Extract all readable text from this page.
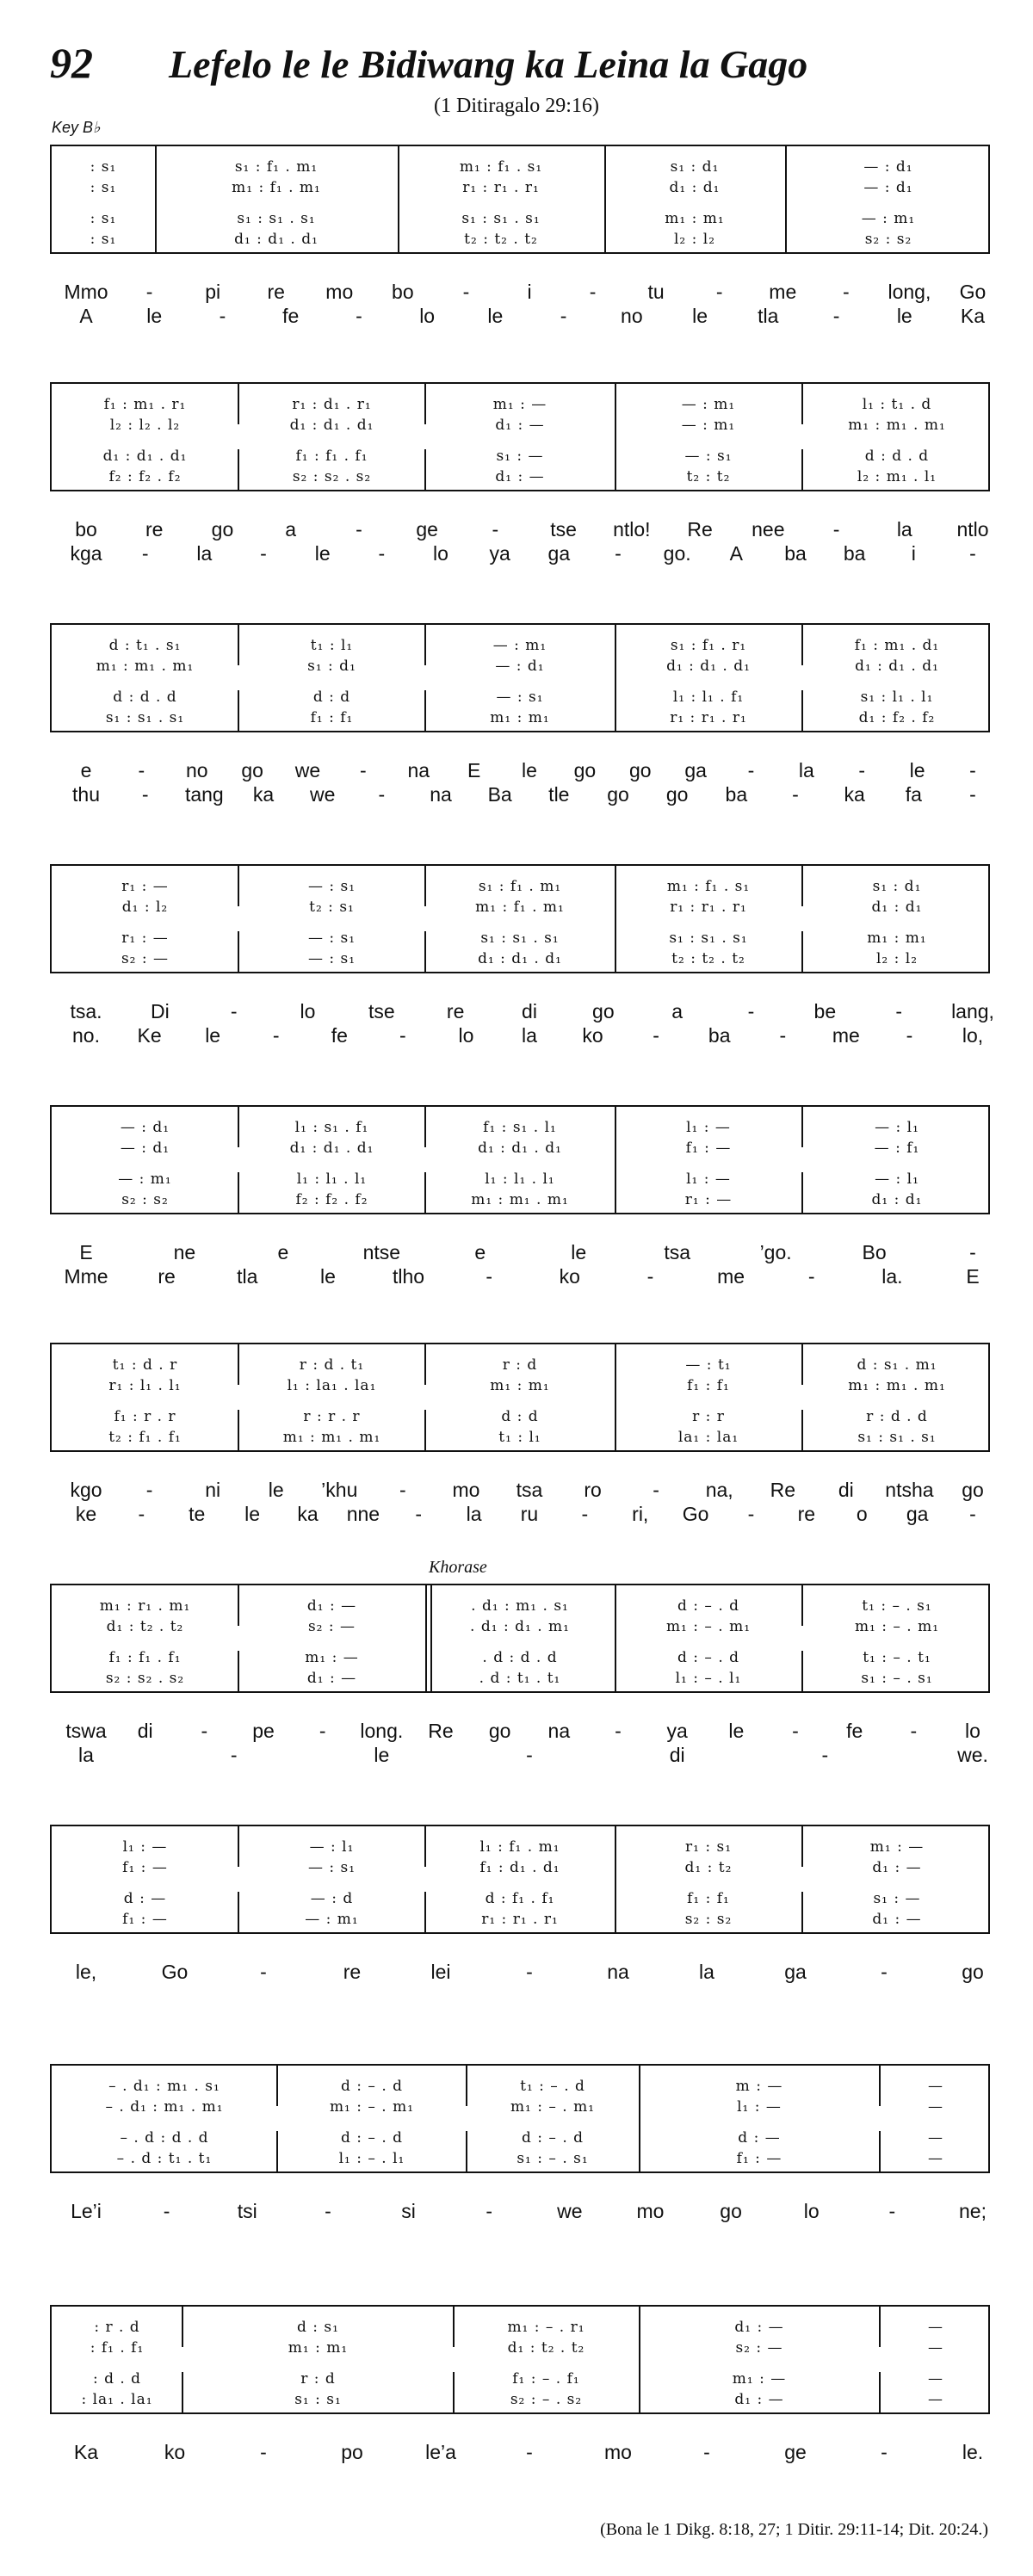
92 Lefelo le le Bidiwang ka Leina la Gago
(1 Ditiragalo 29:16)
Key B♭
: s₁	s₁ : f₁ . m₁	m₁ : f₁ . s₁	s₁ : d₁	— : d₁
: s₁	m₁ : f₁ . m₁	r₁ : r₁ . r₁	d₁ : d₁	— : d₁
: s₁	s₁ : s₁ . s₁	s₁ : s₁ . s₁	m₁ : m₁	— : m₁
: s₁	d₁ : d₁ . d₁	t₂ : t₂ . t₂	l₂ : l₂	s₂ : s₂
Mmo -	pi re mo bo -	i	-	tu	- me - long, Go
A	le	-	fe	-	lo	le	-	no le	tla	-	le Ka
f₁ : m₁ . r₁	r₁ : d₁ . r₁	m₁ : —	— : m₁	l₁ : t₁ . d
l₂ : l₂ . l₂	d₁ : d₁ . d₁	d₁ : —	— : m₁	m₁ : m₁ . m₁
d₁ : d₁ . d₁	f₁ : f₁ . f₁	s₁ : —	— : s₁	d : d . d
f₂ : f₂ . f₂	s₂ : s₂ . s₂	d₁ : —	t₂ : t₂	l₂ : m₁ . l₁
bo re go	a	-	ge	-	tse ntlo! Re nee -	la ntlo
kga - la - le - lo ya ga - go. A ba ba i	-
d : t₁ . s₁	t₁ : l₁	— : m₁	s₁ : f₁ . r₁	f₁ : m₁ . d₁
m₁ : m₁ . m₁	s₁ : d₁	— : d₁	d₁ : d₁ . d₁	d₁ : d₁ . d₁
d : d . d	d : d	— : s₁	l₁ : l₁ . f₁	s₁ : l₁ . l₁
s₁ : s₁ . s₁	f₁ : f₁	m₁ : m₁	r₁ : r₁ . r₁	d₁ : f₂ . f₂
e - no go we - na E le go go ga - la - le -
thu - tang ka we - na Ba tle go go ba - ka fa -
r₁ : —	— : s₁	s₁ : f₁ . m₁	m₁ : f₁ . s₁	s₁ : d₁
d₁ : l₂	t₂ : s₁	m₁ : f₁ . m₁	r₁ : r₁ . r₁	d₁ : d₁
r₁ : —	— : s₁	s₁ : s₁ . s₁	s₁ : s₁ . s₁	m₁ : m₁
s₂ : —	— : s₁	d₁ : d₁ . d₁	t₂ : t₂ . t₂	l₂ : l₂
tsa. Di	-	lo	tse	re	di	go	a	-	be	- lang,
no. Ke le	-	fe	-	lo la ko	- ba - me -	lo,
— : d₁	l₁ : s₁ . f₁	f₁ : s₁ . l₁	l₁ : —	— : l₁
— : d₁	d₁ : d₁ . d₁	d₁ : d₁ . d₁	f₁ : —	— : f₁
— : m₁	l₁ : l₁ . l₁	l₁ : l₁ . l₁	l₁ : —	— : l₁
s₂ : s₂	f₂ : f₂ . f₂	m₁ : m₁ . m₁	r₁ : —	d₁ : d₁
E	ne	e	ntse	e	le	tsa	’go.	Bo	-
Mme	re	tla	le	tlho	-	ko	-	me	-	la.	E
t₁ : d . r	r : d . t₁	r : d	— : t₁	d : s₁ . m₁
r₁ : l₁ . l₁	l₁ : la₁ . la₁	m₁ : m₁	f₁ : f₁	m₁ : m₁ . m₁
f₁ : r . r	r : r . r	d : d	r : r	r : d . d
t₂ : f₁ . f₁	m₁ : m₁ . m₁	t₁ : l₁	la₁ : la₁	s₁ : s₁ . s₁
kgo -	ni le ’khu - mo tsa ro	- na, Re di ntsha go
ke - te le ka nne - la ru - ri, Go - re o ga -
m₁ : r₁ . m₁	d₁ : —	. d₁ : m₁ . s₁	d : – . d	t₁ : – . s₁
d₁ : t₂ . t₂	s₂ : —	. d₁ : d₁ . m₁	m₁ : – . m₁	m₁ : – . m₁
f₁ : f₁ . f₁	m₁ : —	. d : d . d	d : – . d	t₁ : – . t₁
s₂ : s₂ . s₂	d₁ : —	. d : t₁ . t₁	l₁ : – . l₁	s₁ : – . s₁
tswa di - pe - long. Re go na - ya le - fe - lo
la	-	le	-	di	-	we.
l₁ : —	— : l₁	l₁ : f₁ . m₁	r₁ : s₁	m₁ : —
f₁ : —	— : s₁	f₁ : d₁ . d₁	d₁ : t₂	d₁ : —
d : —	— : d	d : f₁ . f₁	f₁ : f₁	s₁ : —
f₁ : —	— : m₁	r₁ : r₁ . r₁	s₂ : s₂	d₁ : —
le,	Go	-	re	lei	-	na	la	ga	-	go
– . d₁ : m₁ . s₁	d : – . d	t₁ : – . d	m : —	—
– . d₁ : m₁ . m₁	m₁ : – . m₁	m₁ : – . m₁	l₁ : —	—
– . d : d . d	d : – . d	d : – . d	d : —	—
– . d : t₁ . t₁	l₁ : – . l₁	s₁ : – . s₁	f₁ : —	—
Le’i	-	tsi	-	si	-	we	mo	go	lo	-	ne;
: r . d	d : s₁	m₁ : – . r₁	d₁ : —	—
: f₁ . f₁	m₁ : m₁	d₁ : t₂ . t₂	s₂ : —	—
: d . d	r : d	f₁ : – . f₁	m₁ : —	—
: la₁ . la₁	s₁ : s₁	s₂ : – . s₂	d₁ : —	—
Ka	ko	-	po	le’a	-	mo	-	ge	-	le.
Khorase
(Bona le 1 Dikg. 8:18, 27; 1 Ditir. 29:11-14; Dit. 20:24.)
